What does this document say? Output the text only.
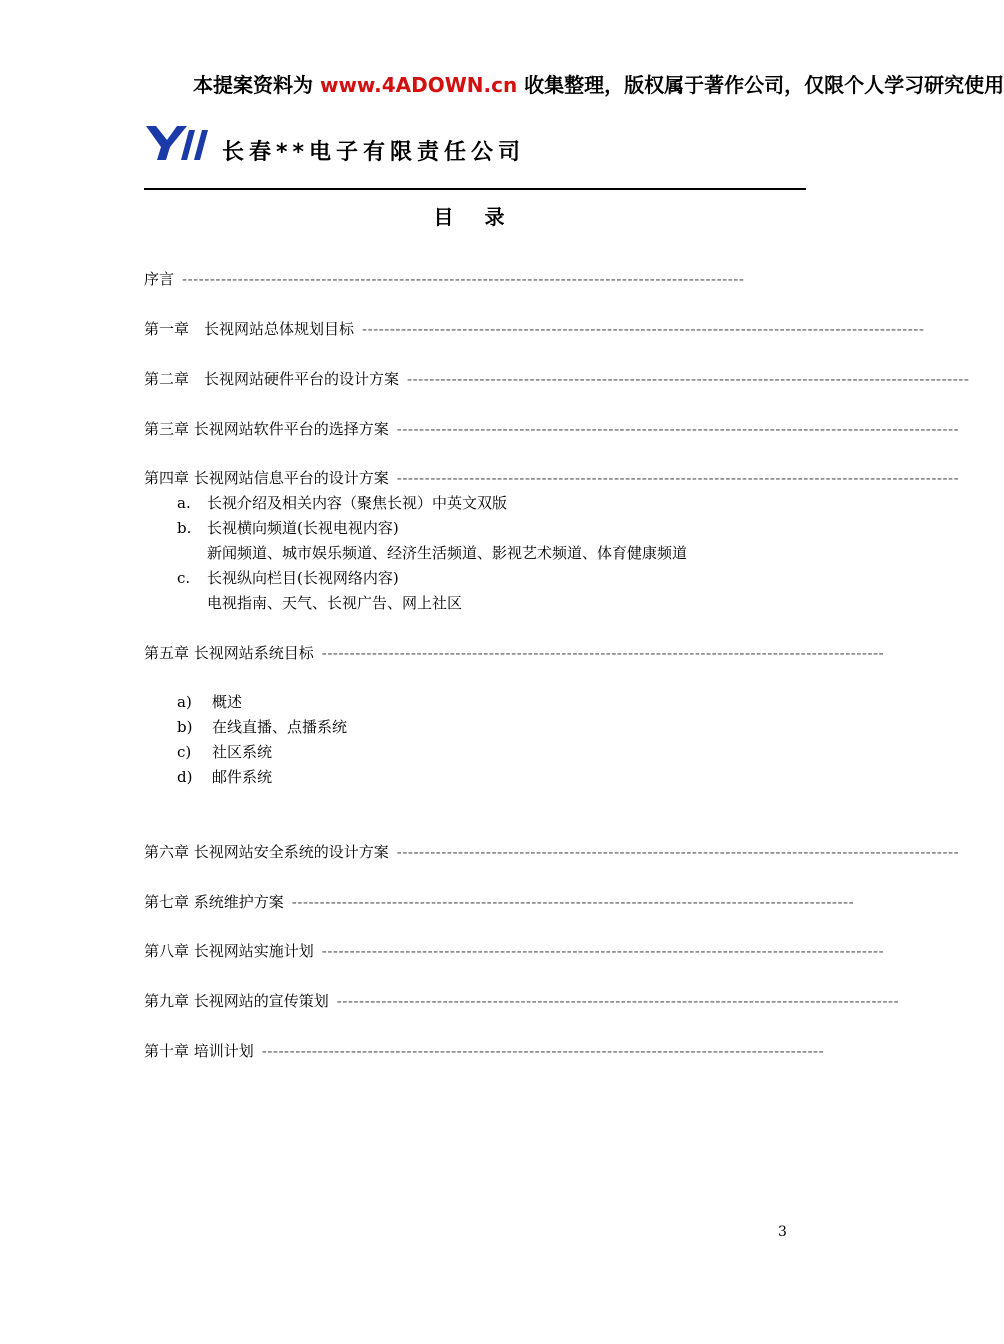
本提案资料为 www.4ADOWN.cn 收集整理，版权属于著作公司，仅限个人学习研究使用
长春**电子有限责任公司
目 录
序言 -----------------------------------------------------------------------------------------------------
第一章　长视网站总体规划目标 -----------------------------------------------------------------------------------------------------
第二章　长视网站硬件平台的设计方案 -----------------------------------------------------------------------------------------------------
第三章 长视网站软件平台的选择方案 -----------------------------------------------------------------------------------------------------
第四章 长视网站信息平台的设计方案 -----------------------------------------------------------------------------------------------------
第五章 长视网站系统目标 -----------------------------------------------------------------------------------------------------
第六章 长视网站安全系统的设计方案 -----------------------------------------------------------------------------------------------------
第七章 系统维护方案 -----------------------------------------------------------------------------------------------------
第八章 长视网站实施计划 -----------------------------------------------------------------------------------------------------
第九章 长视网站的宣传策划 -----------------------------------------------------------------------------------------------------
第十章 培训计划 -----------------------------------------------------------------------------------------------------
a. 长视介绍及相关内容（聚焦长视）中英文双版
b. 长视横向频道(长视电视内容)
新闻频道、城市娱乐频道、经济生活频道、影视艺术频道、体育健康频道
c. 长视纵向栏目(长视网络内容)
电视指南、天气、长视广告、网上社区
a) 概述
b) 在线直播、点播系统
c) 社区系统
d) 邮件系统
3
